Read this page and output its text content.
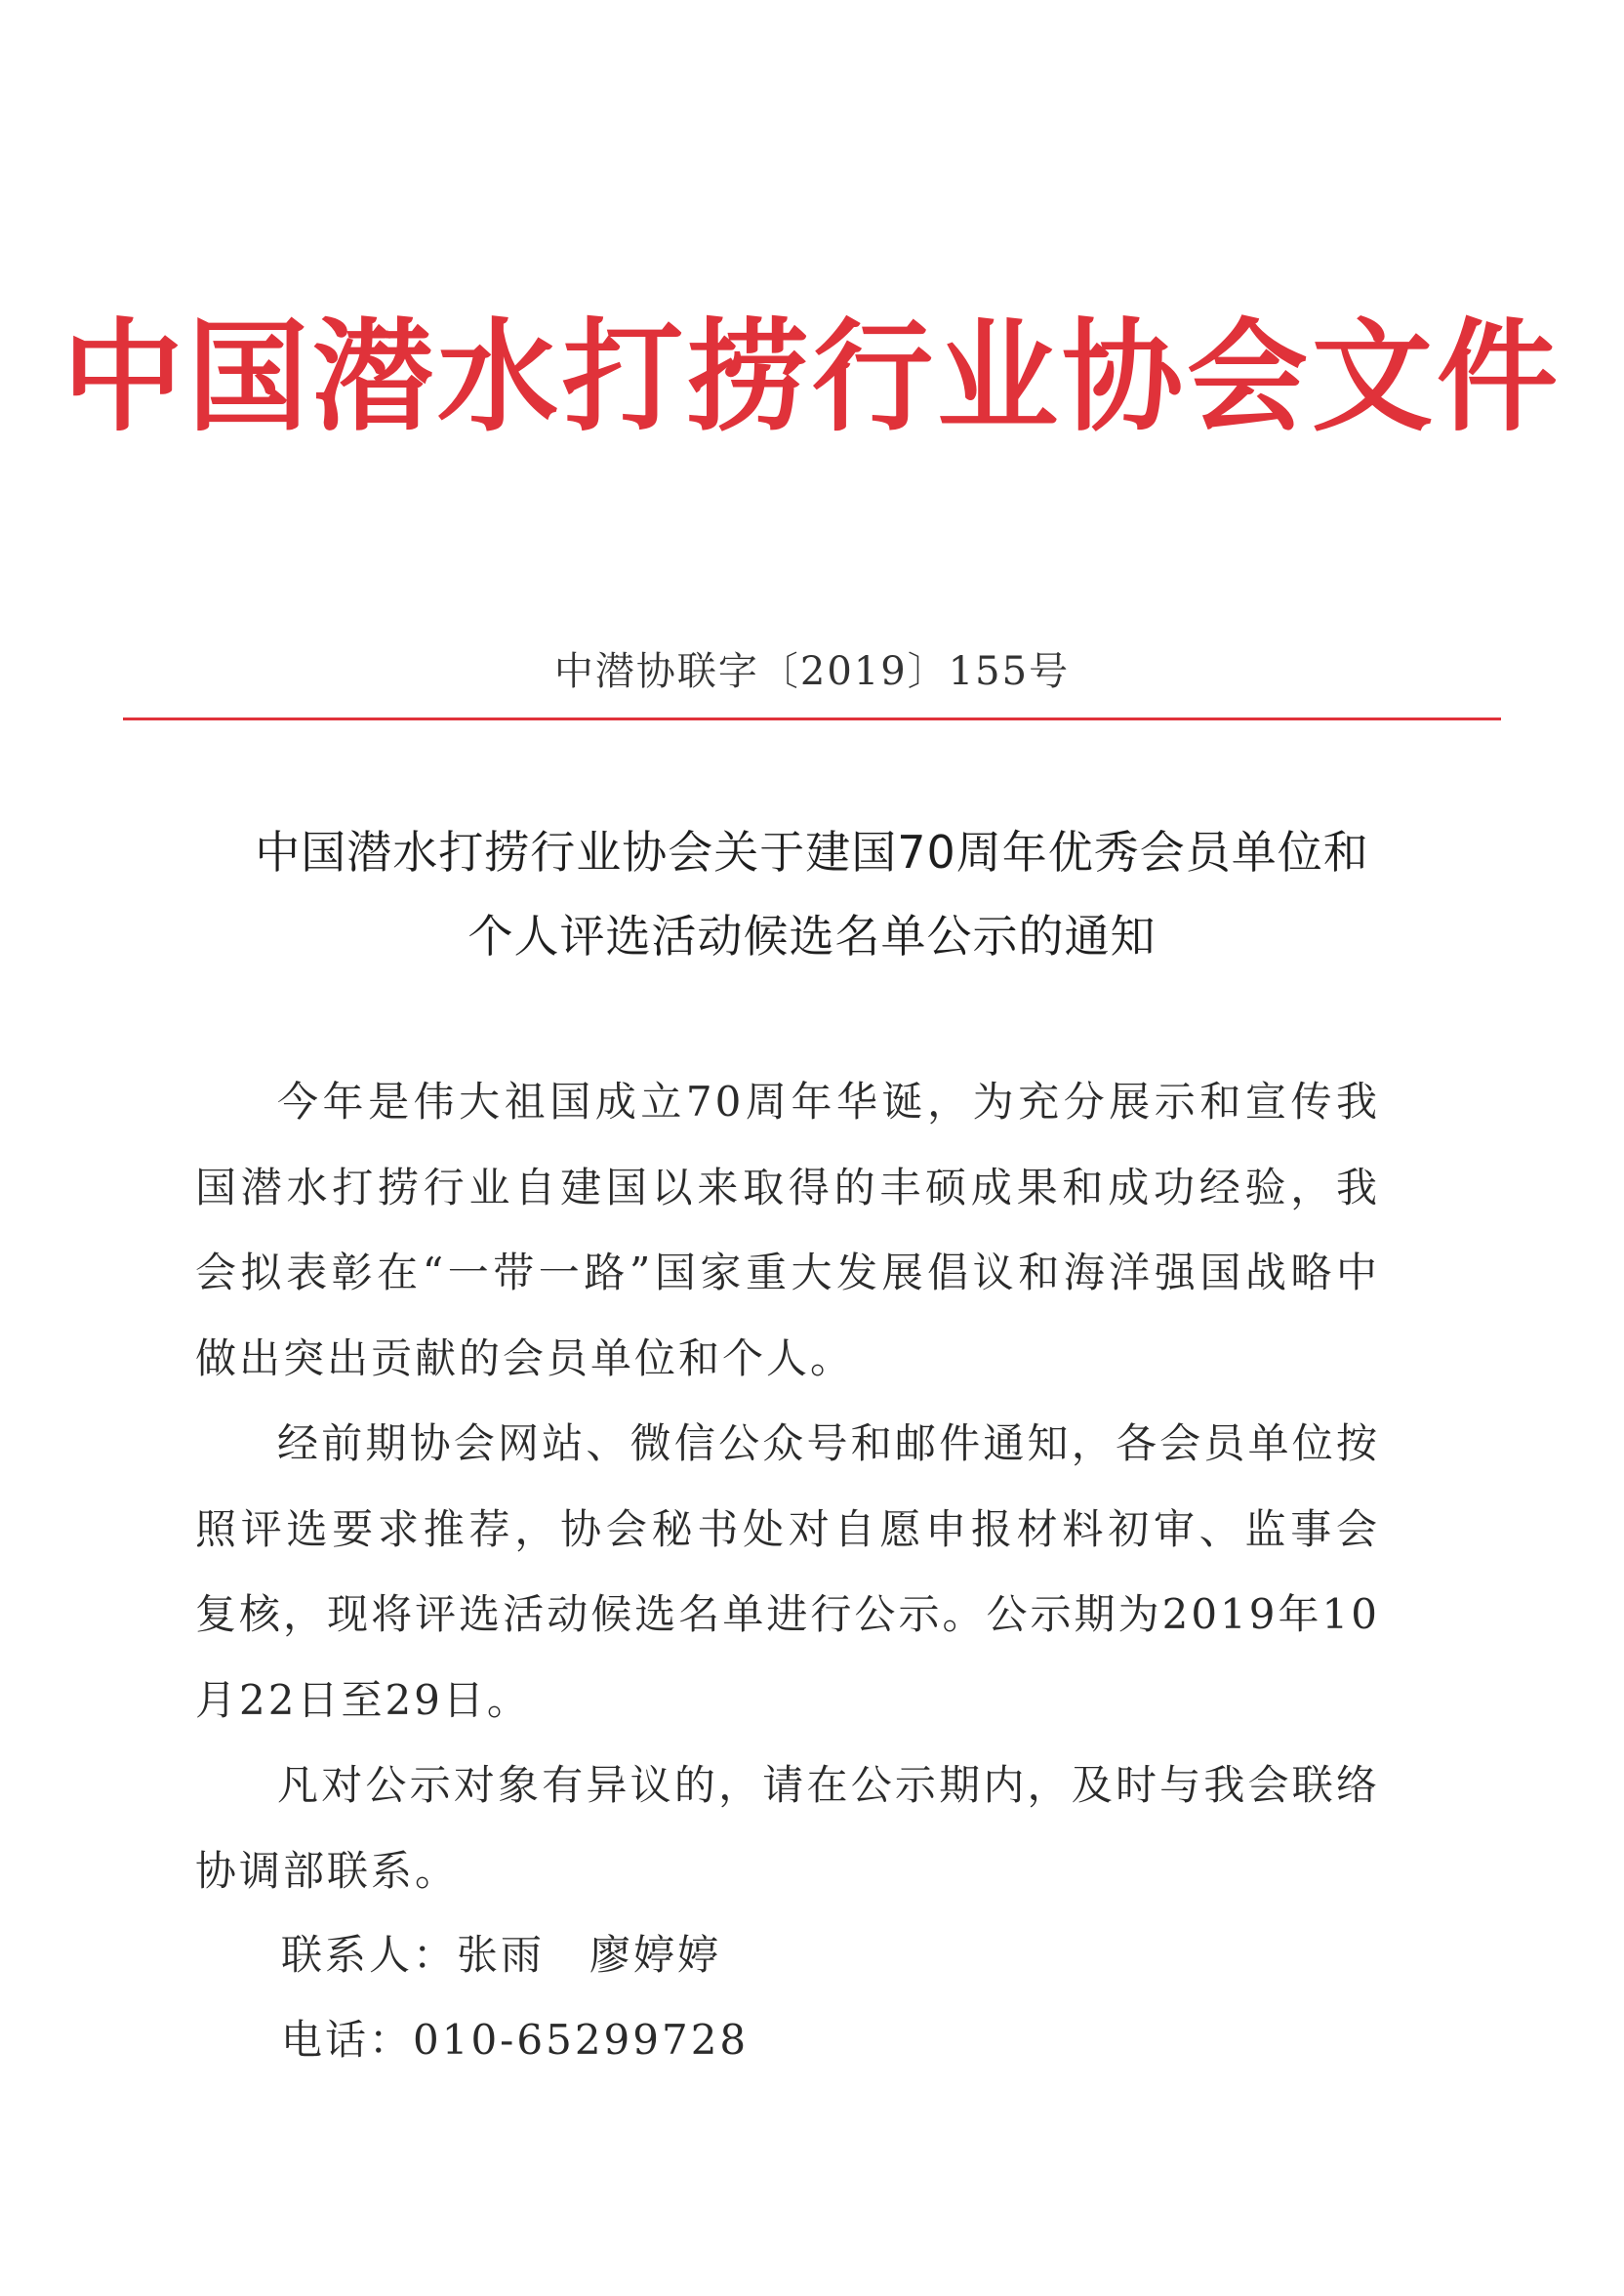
中国潜水打捞行业协会文件
中潜协联字〔2019〕155号
中国潜水打捞行业协会关于建国70周年优秀会员单位和
个人评选活动候选名单公示的通知

今年是伟大祖国成立70周年华诞，为充分展示和宣传我国潜水打捞行业自建国以来取得的丰硕成果和成功经验，我会拟表彰在“一带一路”国家重大发展倡议和海洋强国战略中做出突出贡献的会员单位和个人。

经前期协会网站、微信公众号和邮件通知，各会员单位按照评选要求推荐，协会秘书处对自愿申报材料初审、监事会复核，现将评选活动候选名单进行公示。公示期为2019年10月22日至29日。

凡对公示对象有异议的，请在公示期内，及时与我会联络协调部联系。

联系人：张雨 廖婷婷
电话：010-65299728
